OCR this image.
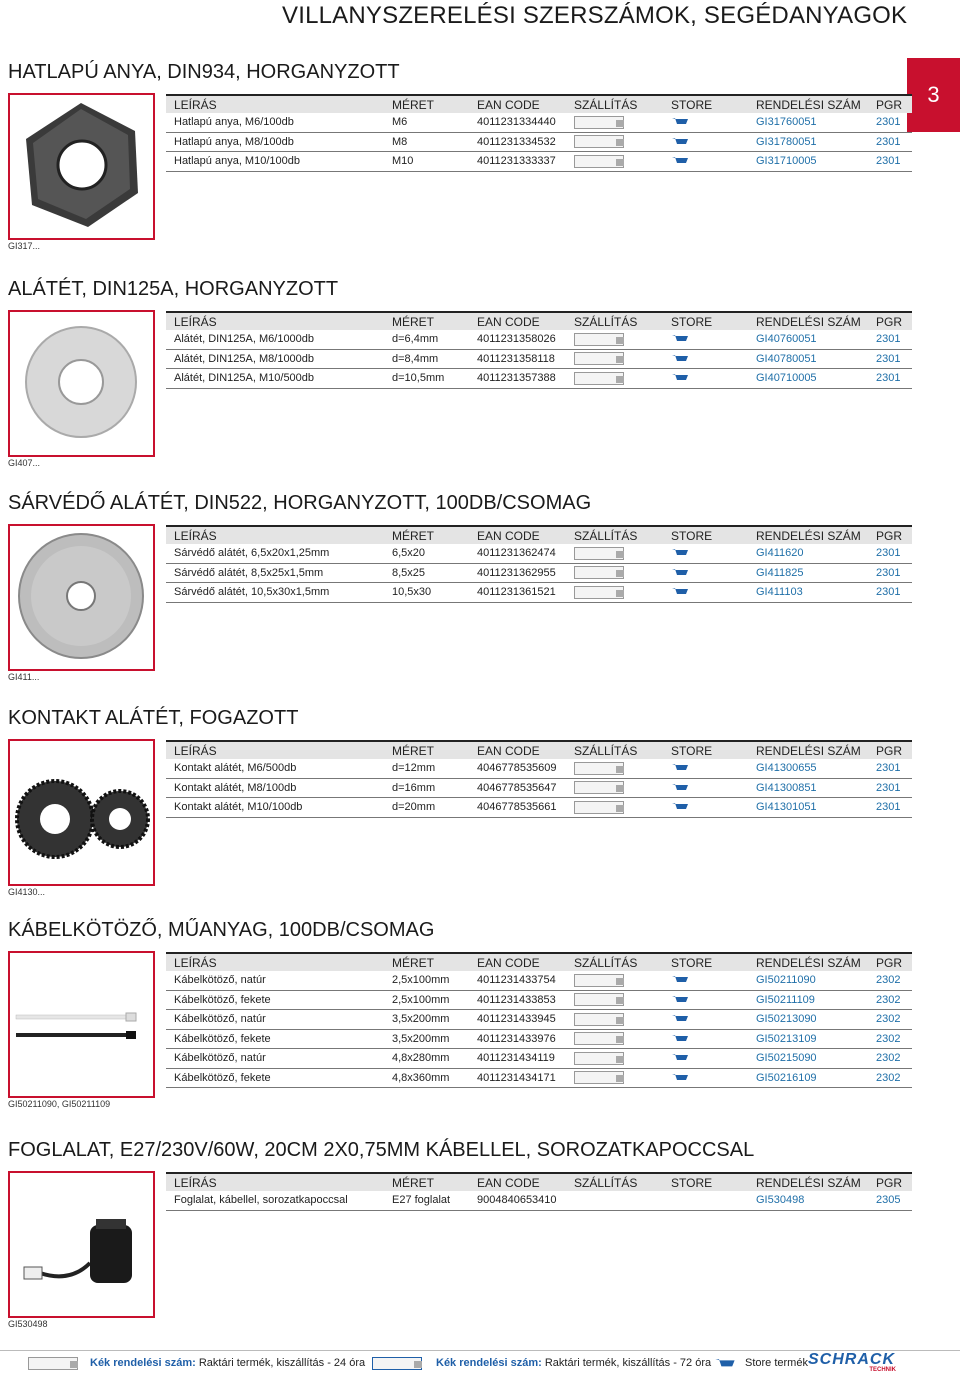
VILLANYSZERELÉSI SZERSZÁMOK, SEGÉDANYAGOK
3
HATLAPÚ ANYA, DIN934, HORGANYZOTT
GI317...
LEÍRÁS	MÉRET	EAN CODE	SZÁLLÍTÁS	STORE	RENDELÉSI SZÁM	PGR
Hatlapú anya, M6/100db	M6	4011231334440			GI31760051	2301
Hatlapú anya, M8/100db	M8	4011231334532			GI31780051	2301
Hatlapú anya, M10/100db	M10	4011231333337			GI31710005	2301
ALÁTÉT, DIN125A, HORGANYZOTT
GI407...
LEÍRÁS	MÉRET	EAN CODE	SZÁLLÍTÁS	STORE	RENDELÉSI SZÁM	PGR
Alátét, DIN125A, M6/1000db	d=6,4mm	4011231358026			GI40760051	2301
Alátét, DIN125A, M8/1000db	d=8,4mm	4011231358118			GI40780051	2301
Alátét, DIN125A, M10/500db	d=10,5mm	4011231357388			GI40710005	2301
SÁRVÉDŐ ALÁTÉT, DIN522, HORGANYZOTT, 100DB/CSOMAG
GI411...
LEÍRÁS	MÉRET	EAN CODE	SZÁLLÍTÁS	STORE	RENDELÉSI SZÁM	PGR
Sárvédő alátét, 6,5x20x1,25mm	6,5x20	4011231362474			GI411620	2301
Sárvédő alátét, 8,5x25x1,5mm	8,5x25	4011231362955			GI411825	2301
Sárvédő alátét, 10,5x30x1,5mm	10,5x30	4011231361521			GI411103	2301
KONTAKT ALÁTÉT, FOGAZOTT
GI4130...
LEÍRÁS	MÉRET	EAN CODE	SZÁLLÍTÁS	STORE	RENDELÉSI SZÁM	PGR
Kontakt alátét, M6/500db	d=12mm	4046778535609			GI41300655	2301
Kontakt alátét, M8/100db	d=16mm	4046778535647			GI41300851	2301
Kontakt alátét, M10/100db	d=20mm	4046778535661			GI41301051	2301
KÁBELKÖTÖZŐ, MŰANYAG, 100DB/CSOMAG
GI50211090, GI50211109
LEÍRÁS	MÉRET	EAN CODE	SZÁLLÍTÁS	STORE	RENDELÉSI SZÁM	PGR
Kábelkötöző, natúr	2,5x100mm	4011231433754			GI50211090	2302
Kábelkötöző, fekete	2,5x100mm	4011231433853			GI50211109	2302
Kábelkötöző, natúr	3,5x200mm	4011231433945			GI50213090	2302
Kábelkötöző, fekete	3,5x200mm	4011231433976			GI50213109	2302
Kábelkötöző, natúr	4,8x280mm	4011231434119			GI50215090	2302
Kábelkötöző, fekete	4,8x360mm	4011231434171			GI50216109	2302
FOGLALAT, E27/230V/60W, 20CM 2X0,75MM KÁBELLEL, SOROZATKAPOCCSAL
GI530498
LEÍRÁS	MÉRET	EAN CODE	SZÁLLÍTÁS	STORE	RENDELÉSI SZÁM	PGR
Foglalat, kábellel, sorozatkapoccsal	E27 foglalat	9004840653410			GI530498	2305
Kék rendelési szám: Raktári termék, kiszállítás - 24 óra	Kék rendelési szám: Raktári termék, kiszállítás - 72 óra	Store termék SCHRACK
TECHNIK
